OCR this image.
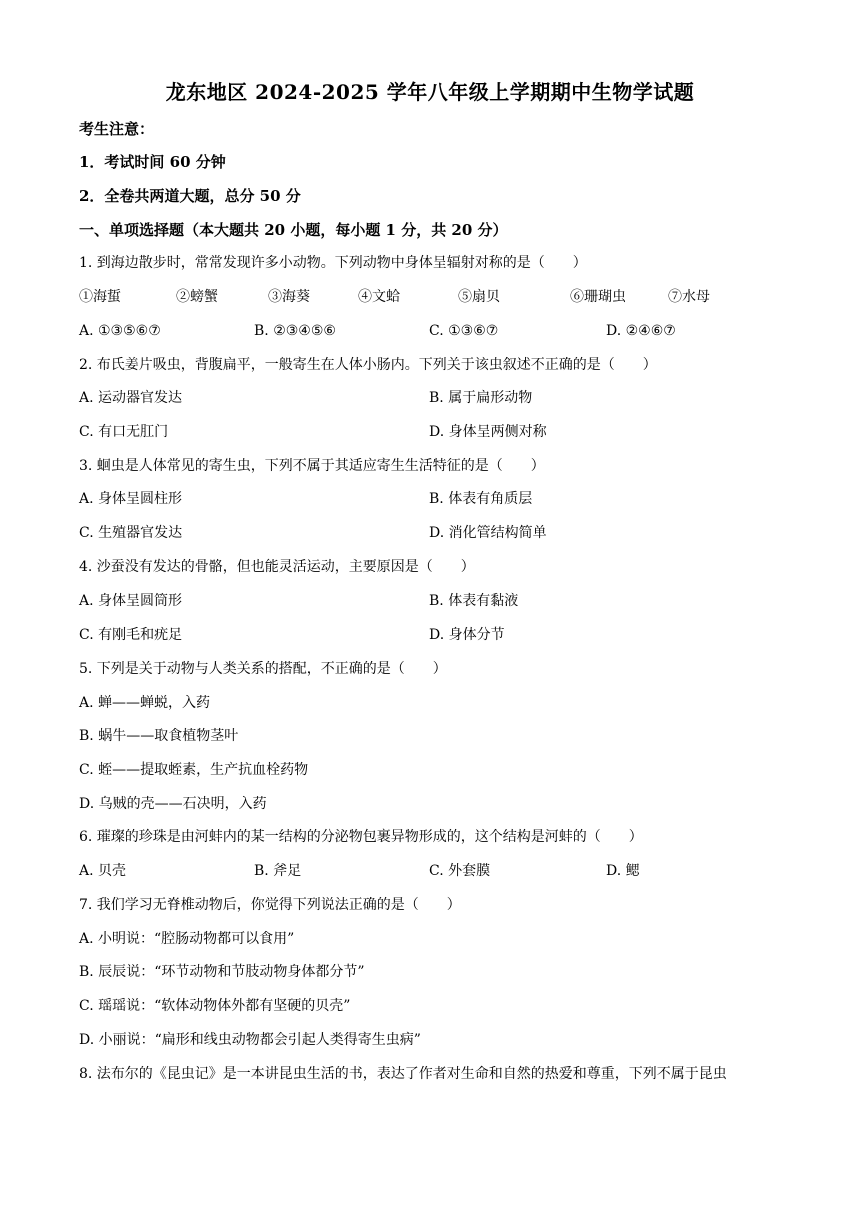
龙东地区 2024-2025 学年八年级上学期期中生物学试题
考生注意：
1．考试时间 60 分钟
2．全卷共两道大题，总分 50 分
一、单项选择题（本大题共 20 小题，每小题 1 分，共 20 分）
1. 到海边散步时，常常发现许多小动物。下列动物中身体呈辐射对称的是（　　）
①海蜇	②螃蟹	③海葵	④文蛤	⑤扇贝	⑥珊瑚虫	⑦水母
A. ①③⑤⑥⑦	B. ②③④⑤⑥	C. ①③⑥⑦	D. ②④⑥⑦
2. 布氏姜片吸虫，背腹扁平，一般寄生在人体小肠内。下列关于该虫叙述不正确的是（　　）
A. 运动器官发达	B. 属于扁形动物
C. 有口无肛门	D. 身体呈两侧对称
3. 蛔虫是人体常见的寄生虫，下列不属于其适应寄生生活特征的是（　　）
A. 身体呈圆柱形	B. 体表有角质层
C. 生殖器官发达	D. 消化管结构简单
4. 沙蚕没有发达的骨骼，但也能灵活运动，主要原因是（　　）
A. 身体呈圆筒形	B. 体表有黏液
C. 有刚毛和疣足	D. 身体分节
5. 下列是关于动物与人类关系的搭配，不正确的是（　　）
A. 蝉——蝉蜕，入药
B. 蜗牛——取食植物茎叶
C. 蛭——提取蛭素，生产抗血栓药物
D. 乌贼的壳——石决明，入药
6. 璀璨的珍珠是由河蚌内的某一结构的分泌物包裹异物形成的，这个结构是河蚌的（　　）
A. 贝壳	B. 斧足	C. 外套膜	D. 鳃
7. 我们学习无脊椎动物后，你觉得下列说法正确的是（　　）
A. 小明说：“腔肠动物都可以食用”
B. 辰辰说：“环节动物和节肢动物身体都分节”
C. 瑶瑶说：“软体动物体外都有坚硬的贝壳”
D. 小丽说：“扁形和线虫动物都会引起人类得寄生虫病”
8. 法布尔的《昆虫记》是一本讲昆虫生活的书，表达了作者对生命和自然的热爱和尊重，下列不属于昆虫
